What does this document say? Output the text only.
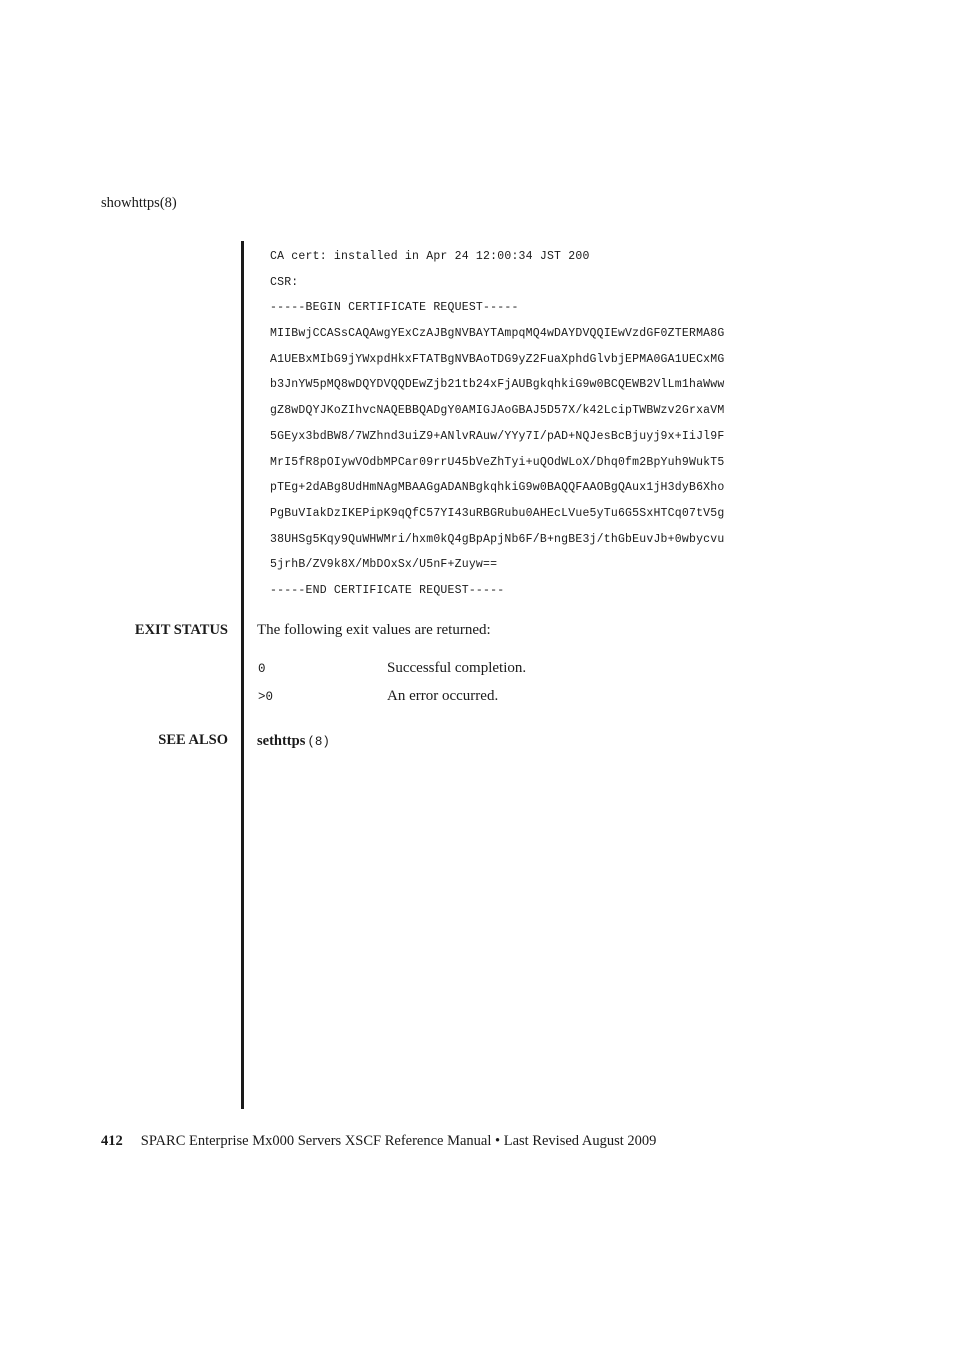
showhttps(8)
CA cert: installed in Apr 24 12:00:34 JST 200
CSR:
-----BEGIN CERTIFICATE REQUEST-----
MIIBwjCCASsCAQAwgYExCzAJBgNVBAYTAmpqMQ4wDAYDVQQIEwVzdGF0ZTERMA8G
A1UEBxMIbG9jYWxpdHkxFTATBgNVBAoTDG9yZ2FuaXphdGlvbjEPMA0GA1UECxMG
b3JnYW5pMQ8wDQYDVQQDEwZjb21tb24xFjAUBgkqhkiG9w0BCQEWB2VlLm1haWww
gZ8wDQYJKoZIhvcNAQEBBQADgY0AMIGJAoGBAJ5D57X/k42LcipTWBWzv2GrxaVM
5GEyx3bdBW8/7WZhnd3uiZ9+ANlvRAuw/YYy7I/pAD+NQJesBcBjuyj9x+IiJl9F
MrI5fR8pOIywVOdbMPCar09rrU45bVeZhTyi+uQOdWLoX/Dhq0fm2BpYuh9WukT5
pTEg+2dABg8UdHmNAgMBAAGgADANBgkqhkiG9w0BAQQFAAOBgQAux1jH3dyB6Xho
PgBuVIakDzIKEPipK9qQfC57YI43uRBGRubu0AHEcLVue5yTu6G5SxHTCq07tV5g
38UHSg5Kqy9QuWHWMri/hxm0kQ4gBpApjNb6F/B+ngBE3j/thGbEuvJb+0wbycvu
5jrhB/ZV9k8X/MbDOxSx/U5nF+Zuyw==
-----END CERTIFICATE REQUEST-----
EXIT STATUS The following exit values are returned:
0	Successful completion.
>0	An error occurred.
SEE ALSO sethttps (8)
412 SPARC Enterprise Mx000 Servers XSCF Reference Manual • Last Revised August 2009
